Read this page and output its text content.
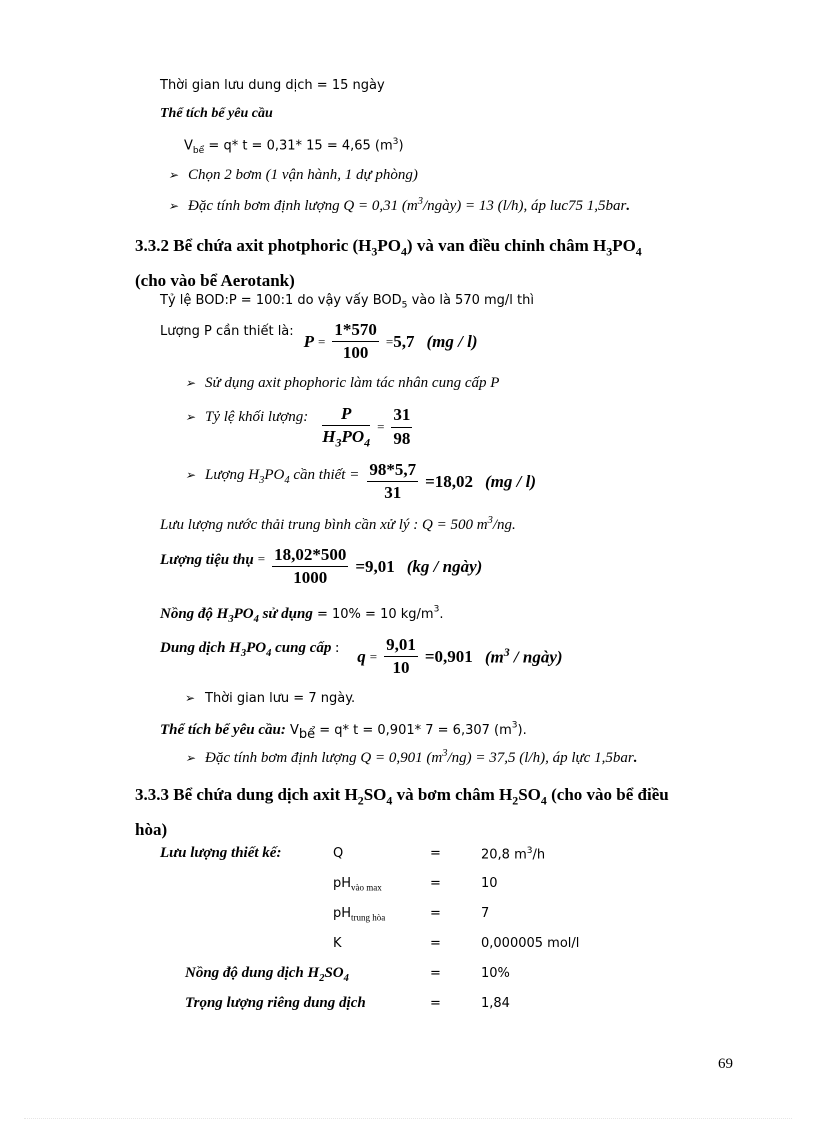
Thời gian lưu dung dịch = 15 ngày
Thể tích bể yêu cầu
$V_{bể} = q*$ t = 0,31* 15 = 4,65 $(m^3)$
➢ Chọn 2 bơm (1 vận hành, 1 dự phòng)
➢ Đặc tính bơm định lượng Q = 0,31 $(m^3/ngày) = 13$ (l/h), áp luc75 1,5bar.
3.3.2 Bể chứa axit photphoric $(H_3PO_4)$ và van điều chỉnh châm $H_3PO_4$
(cho vào bể Aerotank)
Tỷ lệ BOD:P = 100:1 do vậy vấy $BOD_5$ vào là 570 mg/l thì
Lượng P cần thiết là: $P = \frac{1*570}{100} =5,7$ (mg / l)
➢ Sử dụng axit phophoric làm tác nhân cung cấp P
➢ Tỷ lệ khối lượng: $\frac{P}{H_3PO_4} = \frac{31}{98}$
➢ Lượng $H_3PO_4$ cần thiết = $\frac{98*5,7}{31} =18,02$ (mg / l)
Lưu lượng nước thải trung bình cần xử lý : Q = 500 $m^3/ng$.
Lượng tiệu thụ = $\frac{18,02*500}{1000} =9,01$ (kg / ngày)
Nồng độ $H_3PO_4$ sử dụng = 10% = 10 $kg/m^3$.
Dung dịch $H_3PO_4$ cung cấp : $q = \frac{9,01}{10} =0,901$ ($m^3$ / ngày)
➢ Thời gian lưu = 7 ngày.
Thể tích bể yêu cầu: $V_{bể} = q*$ t = 0,901* 7 = 6,307 $(m^3)$.
➢ Đặc tính bơm định lượng Q = 0,901 $(m^3/ng) = 37,5$ (l/h), áp lực 1,5bar.
3.3.3 Bể chứa dung dịch axit $H_2SO_4$ và bơm châm $H_2SO_4$ (cho vào bể điều
hòa)
Lưu lượng thiết kế:	Q	=	20,8 $m^3/h$
$pH_{vào max}$	=	10
$pH_{trung hòa}$	=	7
K	=	0,000005 mol/l
Nồng độ dung dịch $H_2SO_4$	=	10%
Trọng lượng riêng dung dịch	=	1,84
69
